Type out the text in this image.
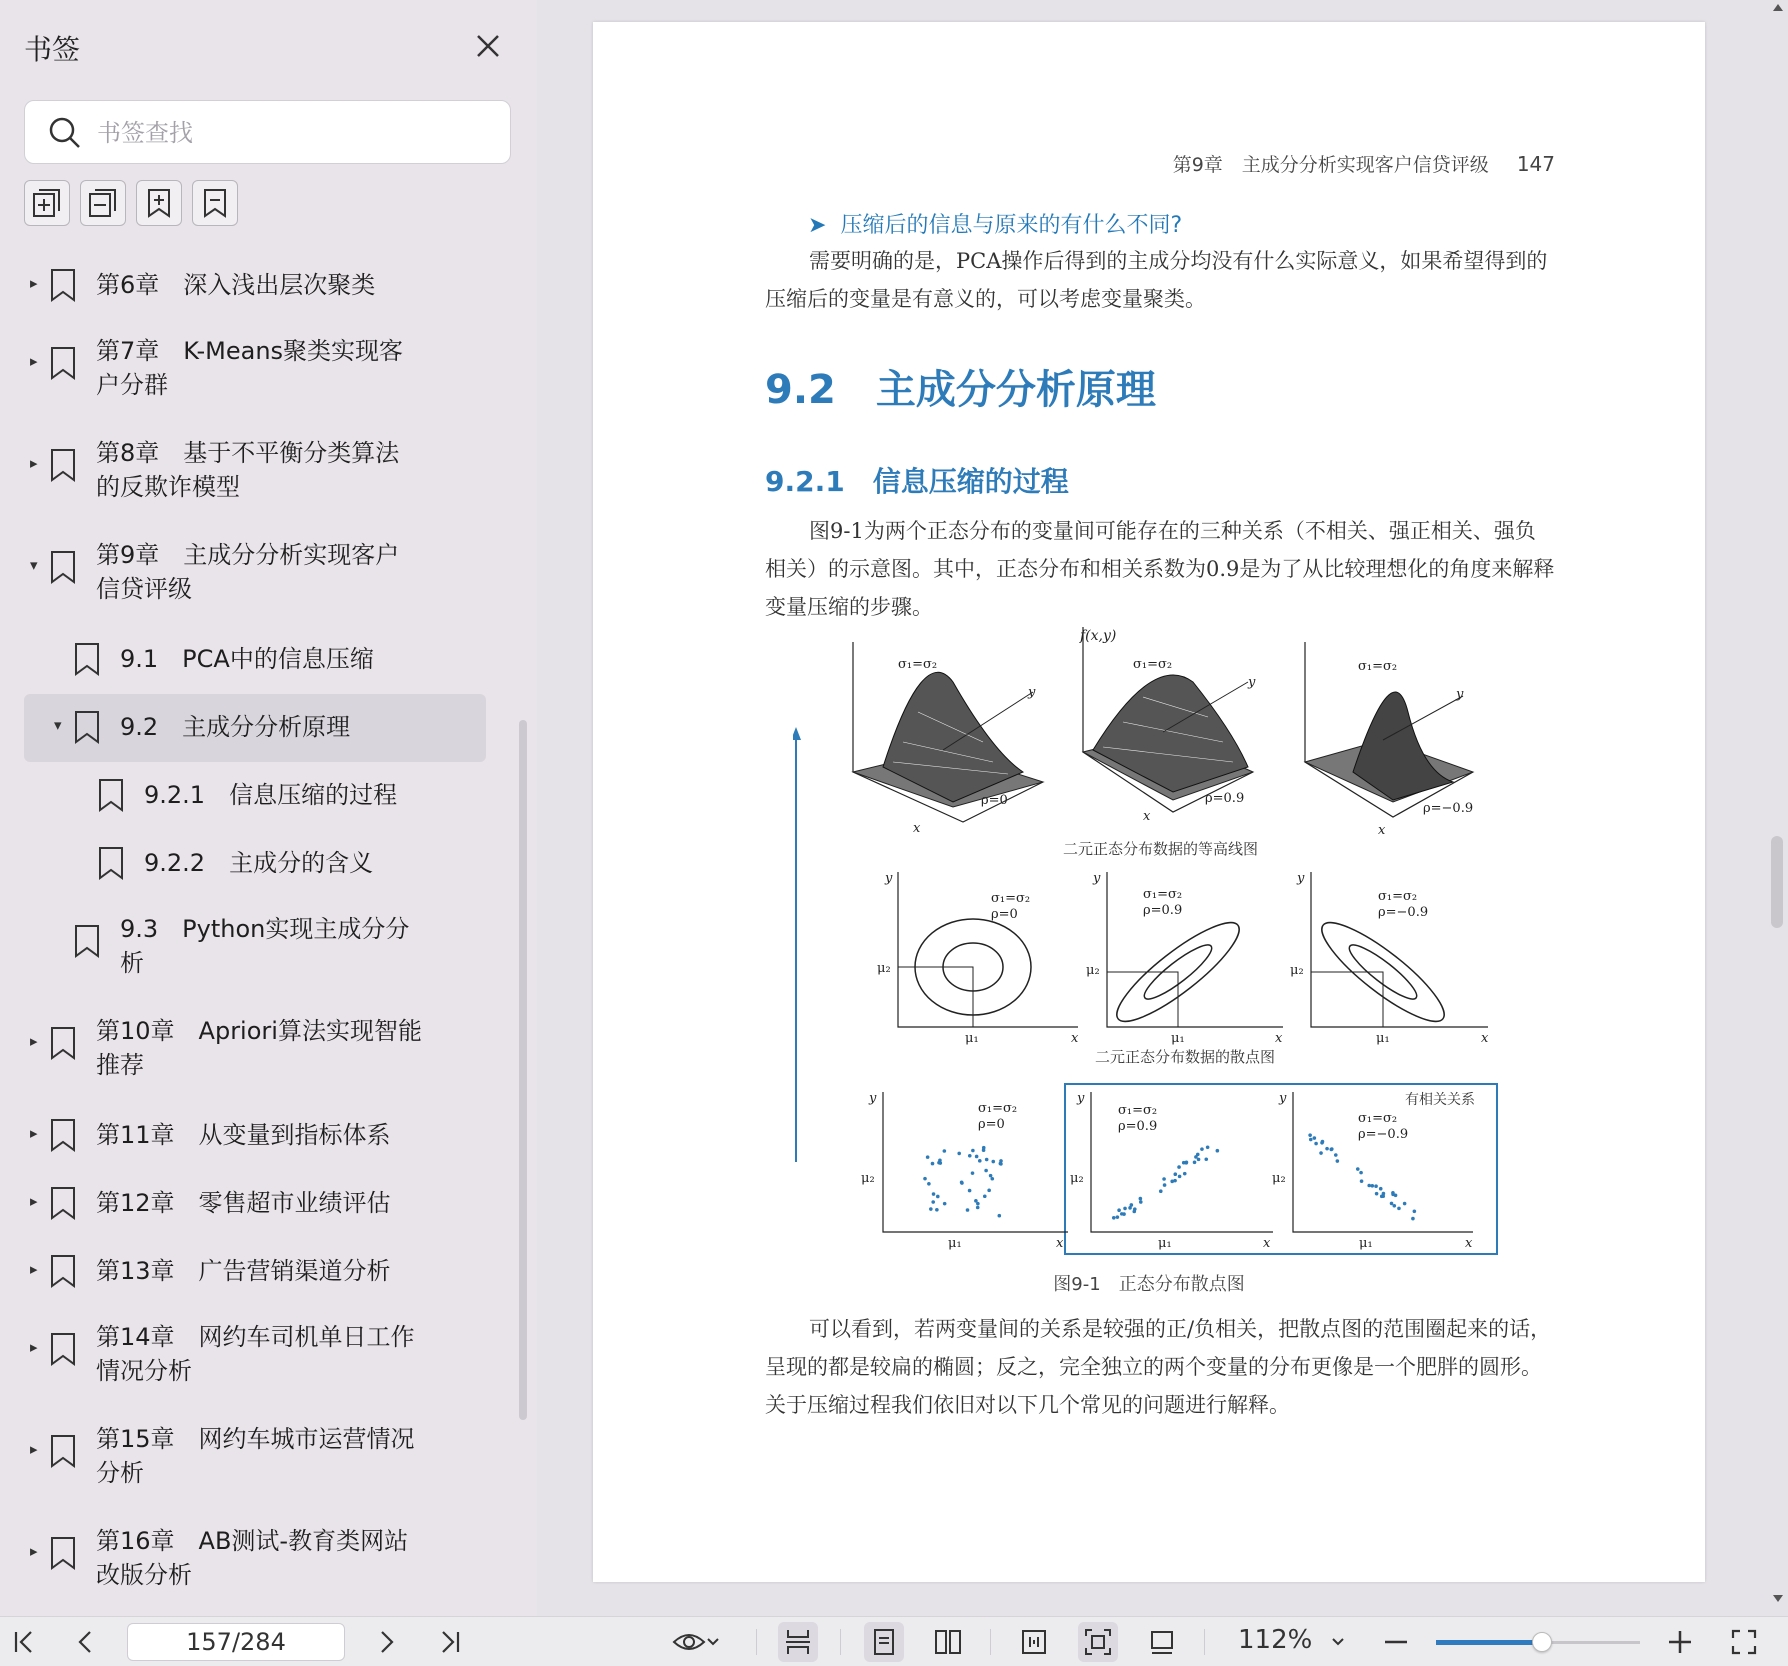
书签
书签查找
▸ 第6章　深入浅出层次聚类
▸ 第7章　K-Means聚类实现客
户分群
▸ 第8章　基于不平衡分类算法
的反欺诈模型
▾ 第9章　主成分分析实现客户
信贷评级
9.1　PCA中的信息压缩
▾ 9.2　主成分分析原理
9.2.1　信息压缩的过程
9.2.2　主成分的含义
9.3　Python实现主成分分
析
▸ 第10章　Apriori算法实现智能
推荐
▸ 第11章　从变量到指标体系
▸ 第12章　零售超市业绩评估
▸ 第13章　广告营销渠道分析
▸ 第14章　网约车司机单日工作
情况分析
▸ 第15章　网约车城市运营情况
分析
▸ 第16章　AB测试-教育类网站
改版分析
第9章　主成分分析实现客户信贷评级 147
➤ 压缩后的信息与原来的有什么不同?
需要明确的是，PCA操作后得到的主成分均没有什么实际意义，如果希望得到的压缩后的变量是有意义的，可以考虑变量聚类。
9.2　主成分分析原理
9.2.1　信息压缩的过程
图9-1为两个正态分布的变量间可能存在的三种关系（不相关、强正相关、强负相关）的示意图。其中，正态分布和相关系数为0.9是为了从比较理想化的角度来解释变量压缩的步骤。
σ₁=σ₂
y
ρ=0
x
f(x,y)
σ₁=σ₂
y
ρ=0.9
x
σ₁=σ₂
y
ρ=−0.9
x
二元正态分布数据的等高线图
y
σ₁=σ₂
ρ=0
μ₂
μ₁	x
y
σ₁=σ₂
ρ=0.9
μ₂
μ₁	x
y
σ₁=σ₂
ρ=−0.9
μ₂
μ₁	x
二元正态分布数据的散点图
有相关关系
y
σ₁=σ₂
ρ=0
μ₂
μ₁	x
y
σ₁=σ₂
ρ=0.9
μ₂
μ₁	x
y
σ₁=σ₂
ρ=−0.9
μ₂
μ₁	x
图9-1　正态分布散点图
可以看到，若两变量间的关系是较强的正/负相关，把散点图的范围圈起来的话，呈现的都是较扁的椭圆；反之，完全独立的两个变量的分布更像是一个肥胖的圆形。关于压缩过程我们依旧对以下几个常见的问题进行解释。
157/284
112%
